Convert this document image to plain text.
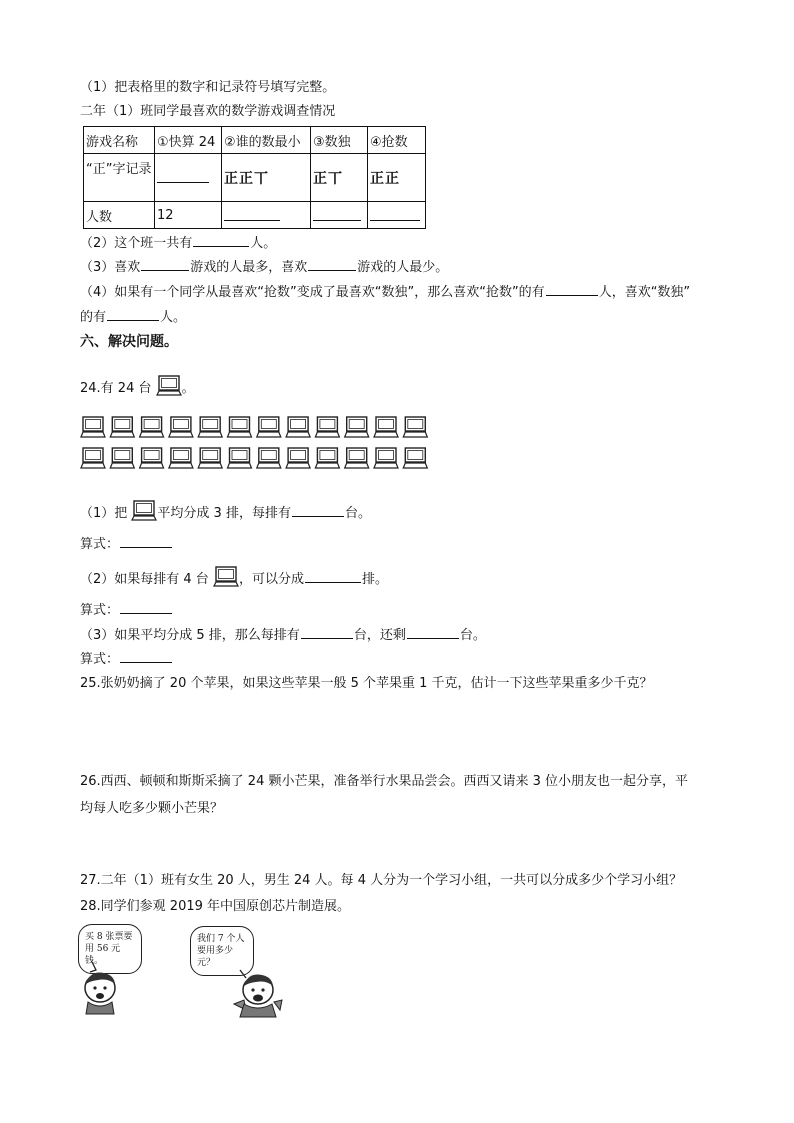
（1）把表格里的数字和记录符号填写完整。
二年（1）班同学最喜欢的数学游戏调查情况
游戏名称	①快算 24	②谁的数最小	③数独	④抢数
“正”字记录		正正丅	正丅	正正
人数	12			
（2）这个班一共有	人。
（3）喜欢	游戏的人最多，喜欢	游戏的人最少。
（4）如果有一个同学从最喜欢“抢数”变成了最喜欢“数独”，那么喜欢“抢数”的有	人，喜欢“数独”
的有	人。
六、解决问题。
24.有 24 台 。
（1）把 平均分成 3 排，每排有	台。
算式：
（2）如果每排有 4 台 ，可以分成	排。
算式：
（3）如果平均分成 5 排，那么每排有	台，还剩	台。
算式：
25.张奶奶摘了 20 个苹果，如果这些苹果一般 5 个苹果重 1 千克，估计一下这些苹果重多少千克？
26.西西、顿顿和斯斯采摘了 24 颗小芒果，准备举行水果品尝会。西西又请来 3 位小朋友也一起分享，平
均每人吃多少颗小芒果？
27.二年（1）班有女生 20 人，男生 24 人。每 4 人分为一个学习小组，一共可以分成多少个学习小组？
28.同学们参观 2019 年中国原创芯片制造展。
买 8 张票要用 56 元钱。
我们 7 个人要用多少元？
